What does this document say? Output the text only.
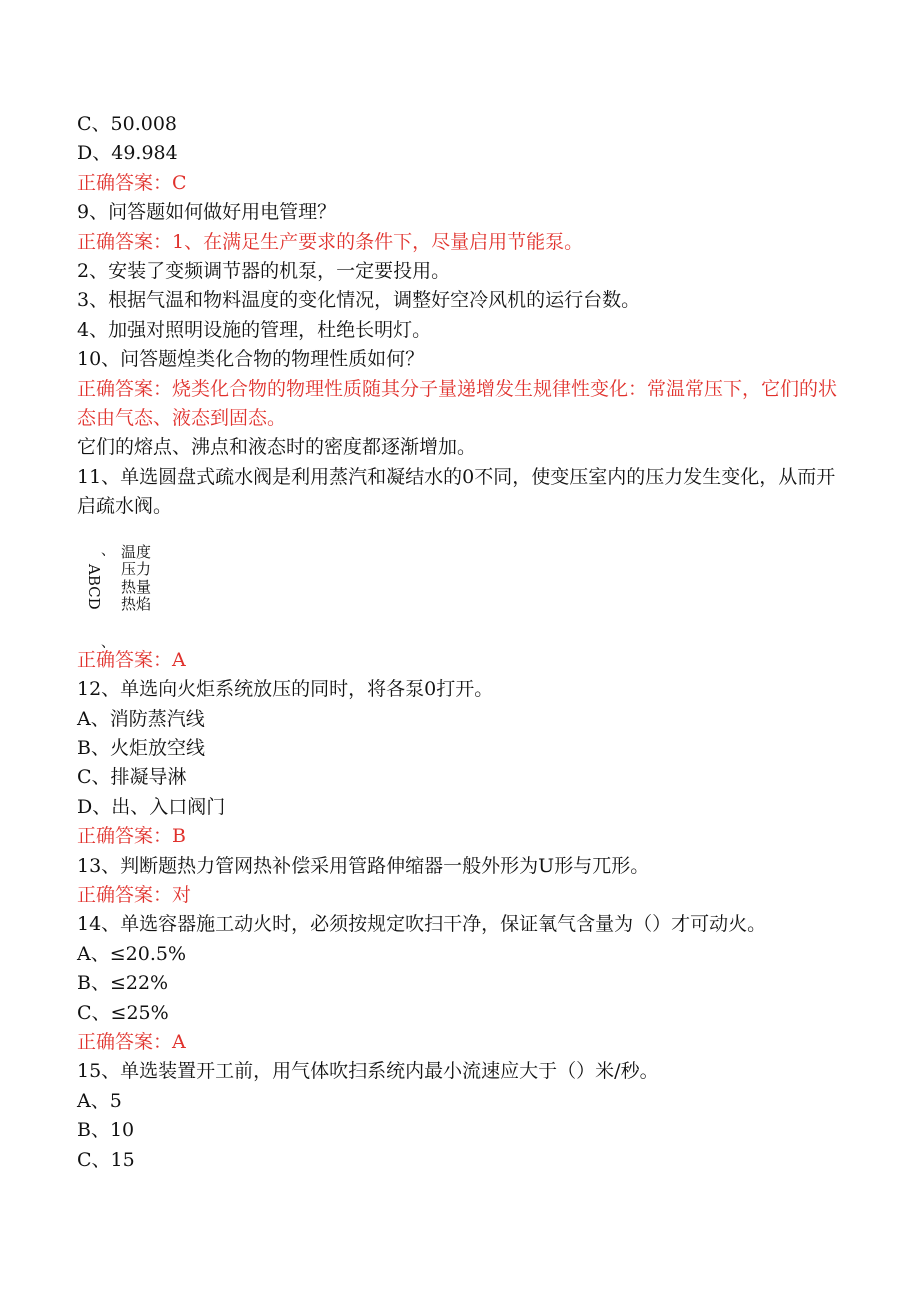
C、50.008
D、49.984
正确答案：C
9、问答题如何做好用电管理？
正确答案：1、在满足生产要求的条件下，尽量启用节能泵。
2、安装了变频调节器的机泵，一定要投用。
3、根据气温和物料温度的变化情况，调整好空冷风机的运行台数。
4、加强对照明设施的管理，杜绝长明灯。
10、问答题煌类化合物的物理性质如何？
正确答案：烧类化合物的物理性质随其分子量递增发生规律性变化：常温常压下，它们的状态由气态、液态到固态。
它们的熔点、沸点和液态时的密度都逐渐增加。
11、单选圆盘式疏水阀是利用蒸汽和凝结水的0不同，使变压室内的压力发生变化，从而开启疏水阀。
、
ABCD
、
温度
压力
热量
热焰
正确答案：A
12、单选向火炬系统放压的同时，将各泵0打开。
A、消防蒸汽线
B、火炬放空线
C、排凝导淋
D、出、入口阀门
正确答案：B
13、判断题热力管网热补偿采用管路伸缩器一般外形为U形与兀形。
正确答案：对
14、单选容器施工动火时，必须按规定吹扫干净，保证氧气含量为（）才可动火。
A、≤20.5%
B、≤22%
C、≤25%
正确答案：A
15、单选装置开工前，用气体吹扫系统内最小流速应大于（）米/秒。
A、5
B、10
C、15
